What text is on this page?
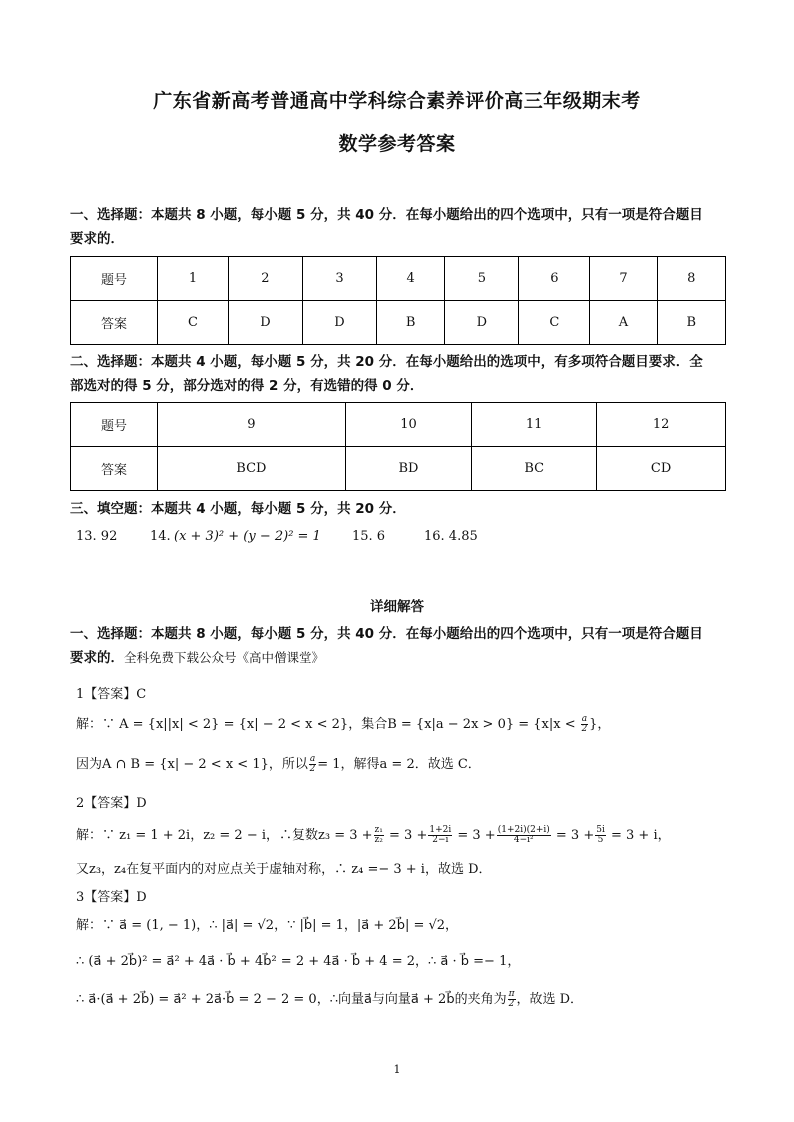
广东省新高考普通高中学科综合素养评价高三年级期末考
数学参考答案
一、选择题：本题共 8 小题，每小题 5 分，共 40 分．在每小题给出的四个选项中，只有一项是符合题目
要求的．
题号	1	2	3	4	5	6	7	8
答案	C	D	D	B	D	C	A	B
二、选择题：本题共 4 小题，每小题 5 分，共 20 分．在每小题给出的选项中，有多项符合题目要求．全
部选对的得 5 分，部分选对的得 2 分，有选错的得 0 分．
题号	9	10	11	12
答案	BCD	BD	BC	CD
三、填空题：本题共 4 小题，每小题 5 分，共 20 分．
13. 92	14. (x + 3)² + (y − 2)² = 1 15. 6	16. 4.85
详细解答
一、选择题：本题共 8 小题，每小题 5 分，共 40 分．在每小题给出的四个选项中，只有一项是符合题目
要求的．全科免费下载公众号《高中僧课堂》
1【答案】C
解：∵ A = {x||x| < 2} = {x| − 2 < x < 2}，集合$B = \{x|a - 2x > 0\} = \{x|x < \frac{a}{2}$ }，
因为A ∩ B = {x| − 2 < x < 1}，所以 $\frac{a}{2} = 1$，解得a = 2．故选 C．
2【答案】D
解：∵ z₁ = 1 + 2i，z₂ = 2 − i，∴复数$z_3 = 3 + \frac{\text{z₁}}{\text{z₂}} = 3 + \frac{1+2i}{2-i} = 3 + \frac{(1+2i)(2+i)}{\text{4−i²}} = 3 + \frac{5i}{5} = 3 + i$，
又z₃，z₄在复平面内的对应点关于虚轴对称，∴ z₄ =− 3 + i，故选 D．
3【答案】D
解：∵ a⃗ = (1, − 1)，∴ |a⃗| = √2，∵ |b⃗| = 1，|a⃗ + 2b⃗| = √2，
∴ (a⃗ + 2b⃗)² = a⃗² + 4a⃗ · b⃗ + 4b⃗² = 2 + 4a⃗ · b⃗ + 4 = 2，∴ a⃗ · b⃗ =− 1，
∴ a⃗·(a⃗ + 2b⃗) = a⃗² + 2a⃗·b⃗ = 2 − 2 = 0，∴向量a⃗与向量a⃗ + 2b⃗的夹角为 $\frac{\pi}{2}$ ，故选 D．
1
